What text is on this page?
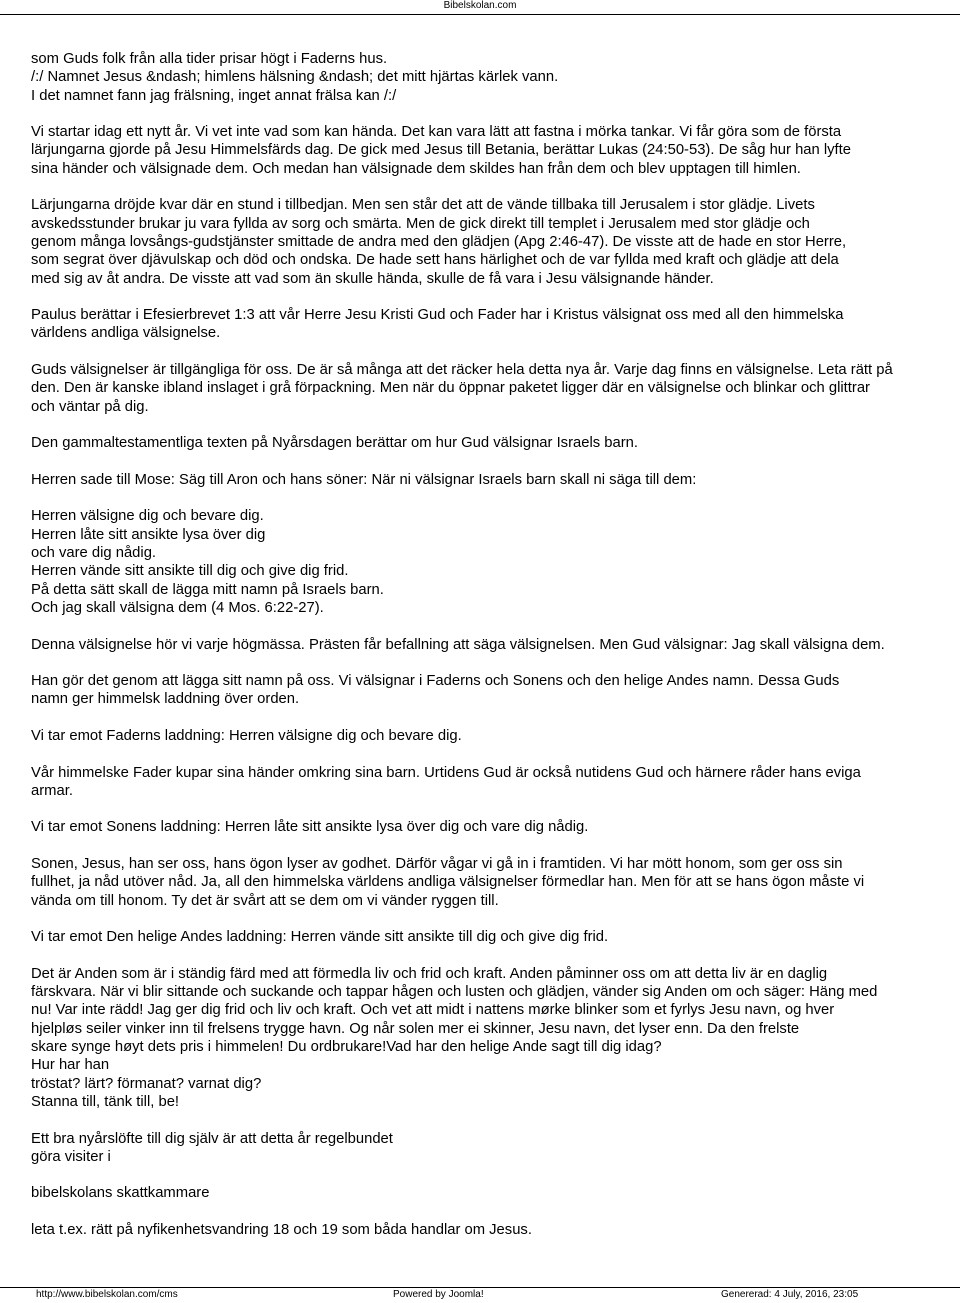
Bibelskolan.com
som Guds folk från alla tider prisar högt i Faderns hus.
/:/ Namnet Jesus &ndash; himlens hälsning &ndash; det mitt hjärtas kärlek vann.
I det namnet fann jag frälsning, inget annat frälsa kan /:/
Vi startar idag ett nytt år. Vi vet inte vad som kan hända. Det kan vara lätt att fastna i mörka tankar. Vi får göra som de första
lärjungarna gjorde på Jesu Himmelsfärds dag. De gick med Jesus till Betania, berättar Lukas (24:50-53). De såg hur han lyfte
sina händer och välsignade dem. Och medan han välsignade dem skildes han från dem och blev upptagen till himlen.
Lärjungarna dröjde kvar där en stund i tillbedjan. Men sen står det att de vände tillbaka till Jerusalem i stor glädje. Livets
avskedsstunder brukar ju vara fyllda av sorg och smärta. Men de gick direkt till templet i Jerusalem med stor glädje och
genom många lovsångs-gudstjänster smittade de andra med den glädjen (Apg 2:46-47). De visste att de hade en stor Herre,
som segrat över djävulskap och död och ondska. De hade sett hans härlighet och de var fyllda med kraft och glädje att dela
med sig av åt andra. De visste att vad som än skulle hända, skulle de få vara i Jesu välsignande händer.
Paulus berättar i Efesierbrevet 1:3 att vår Herre Jesu Kristi Gud och Fader har i Kristus välsignat oss med all den himmelska
världens andliga välsignelse.
Guds välsignelser är tillgängliga för oss. De är så många att det räcker hela detta nya år. Varje dag finns en välsignelse. Leta rätt på
den. Den är kanske ibland inslaget i grå förpackning. Men när du öppnar paketet ligger där en välsignelse och blinkar och glittrar
och väntar på dig.
Den gammaltestamentliga texten på Nyårsdagen berättar om hur Gud välsignar Israels barn.
Herren sade till Mose: Säg till Aron och hans söner: När ni välsignar Israels barn skall ni säga till dem:
Herren välsigne dig och bevare dig.
Herren låte sitt ansikte lysa över dig
och vare dig nådig.
Herren vände sitt ansikte till dig och give dig frid.
På detta sätt skall de lägga mitt namn på Israels barn.
Och jag skall välsigna dem (4 Mos. 6:22-27).
Denna välsignelse hör vi varje högmässa. Prästen får befallning att säga välsignelsen. Men Gud välsignar: Jag skall välsigna dem.
Han gör det genom att lägga sitt namn på oss. Vi välsignar i Faderns och Sonens och den helige Andes namn. Dessa Guds
namn ger himmelsk laddning över orden.
Vi tar emot Faderns laddning: Herren välsigne dig och bevare dig.
Vår himmelske Fader kupar sina händer omkring sina barn. Urtidens Gud är också nutidens Gud och härnere råder hans eviga
armar.
Vi tar emot Sonens laddning: Herren låte sitt ansikte lysa över dig och vare dig nådig.
Sonen, Jesus, han ser oss, hans ögon lyser av godhet. Därför vågar vi gå in i framtiden. Vi har mött honom, som ger oss sin
fullhet, ja nåd utöver nåd. Ja, all den himmelska världens andliga välsignelser förmedlar han. Men för att se hans ögon måste vi
vända om till honom. Ty det är svårt att se dem om vi vänder ryggen till.
Vi tar emot Den helige Andes laddning: Herren vände sitt ansikte till dig och give dig frid.
Det är Anden som är i ständig färd med att förmedla liv och frid och kraft. Anden påminner oss om att detta liv är en daglig
färskvara. När vi blir sittande och suckande och tappar hågen och lusten och glädjen, vänder sig Anden om och säger: Häng med
nu! Var inte rädd! Jag ger dig frid och liv och kraft. Och vet att midt i nattens mørke blinker som et fyrlys Jesu navn, og hver
hjelpløs seiler vinker inn til frelsens trygge havn. Og når solen mer ei skinner, Jesu navn, det lyser enn. Da den frelste
skare synge høyt dets pris i himmelen! Du ordbrukare!Vad har den helige Ande sagt till dig idag?
Hur har han
tröstat? lärt? förmanat? varnat dig?
Stanna till, tänk till, be!
Ett bra nyårslöfte till dig själv är att detta år regelbundet
göra visiter i
bibelskolans skattkammare
leta t.ex. rätt på nyfikenhetsvandring 18 och 19 som båda handlar om Jesus.
http://www.bibelskolan.com/cms	Powered by Joomla!	Genererad: 4 July, 2016, 23:05
